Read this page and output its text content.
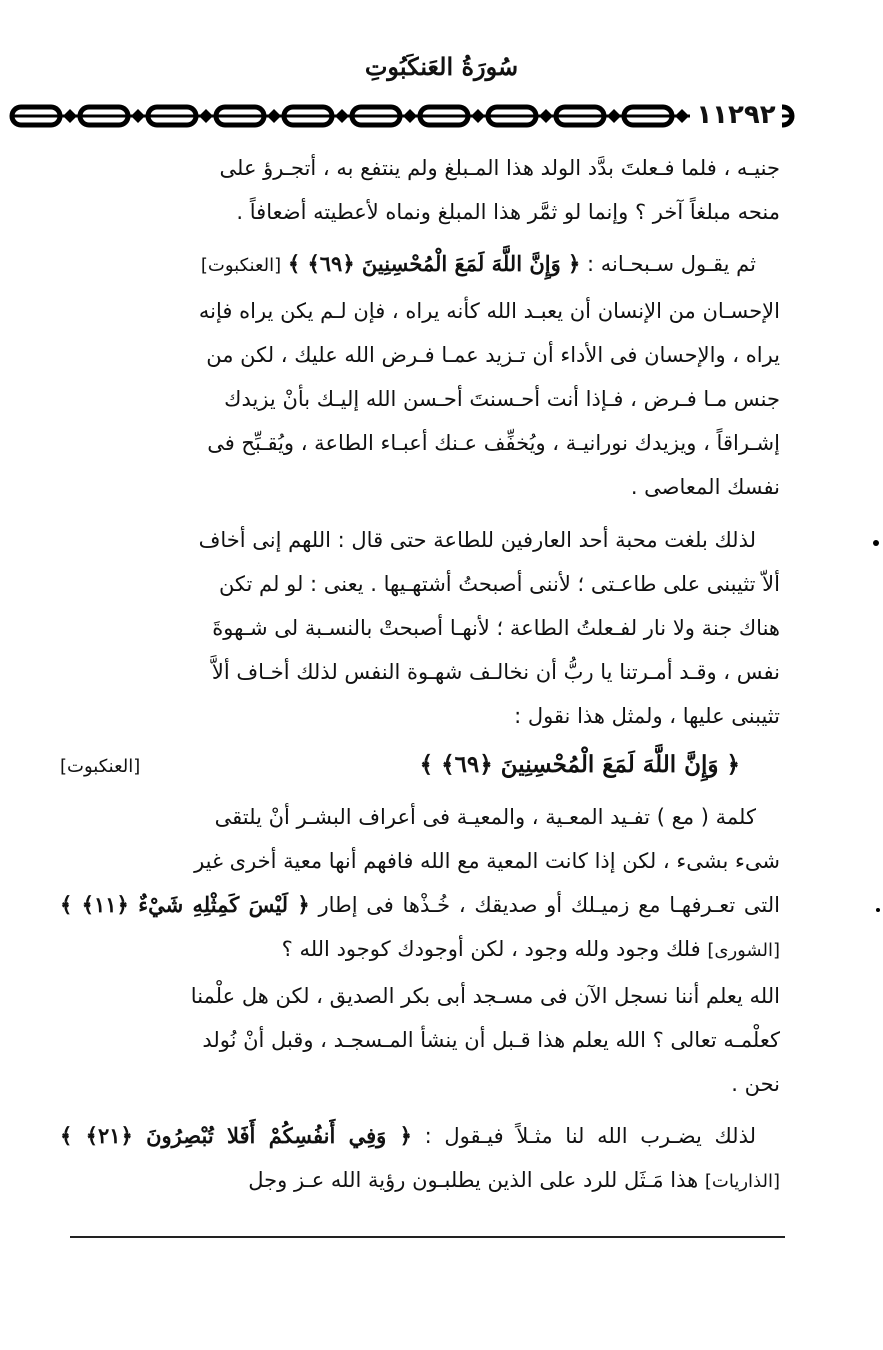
سُورَةُ العَنكَبُوتِ
١١٢٩٢

جنيـه ، فلما فـعلتَ بدَّد الولد هذا المـبلغ ولم ينتفع به ، أتجـرؤ على
منحه مبلغاً آخر ؟ وإنما لو ثمَّر هذا المبلغ ونماه لأعطيته أضعافاً .

ثم يقـول سـبحـانه : ﴿ وَإِنَّ اللَّهَ لَمَعَ الْمُحْسِنِينَ ﴿٦٩﴾ ﴾ [العنكبوت]
الإحسـان من الإنسان أن يعبـد الله كأنه يراه ، فإن لـم يكن يراه فإنه
يراه ، والإحسان فى الأداء أن تـزيد عمـا فـرض الله عليك ، لكن من
جنس مـا فـرض ، فـإذا أنت أحـسنتَ أحـسن الله إليـك بأنْ يزيدك
إشـراقاً ، ويزيدك نورانيـة ، ويُخفِّف عـنك أعبـاء الطاعة ، ويُقـبِّح فى
نفسك المعاصى .

لذلك بلغت محبة أحد العارفين للطاعة حتى قال : اللهم إنى أخاف
ألاّ تثيبنى على طاعـتى ؛ لأننى أصبحتُ أشتهـيها . يعنى : لو لم تكن
هناك جنة ولا نار لفـعلتُ الطاعة ؛ لأنهـا أصبحتْ بالنسـبة لى شـهوةَ
نفس ، وقـد أمـرتنا يا ربُّ أن نخالـف شهـوة النفس لذلك أخـاف ألاَّ
تثيبنى عليها ، ولمثل هذا نقول :

﴿ وَإِنَّ اللَّهَ لَمَعَ الْمُحْسِنِينَ ﴿٦٩﴾ ﴾
[العنكبوت]

كلمة ( مع ) تفـيد المعـية ، والمعيـة فى أعراف البشـر أنْ يلتقى
شىء بشىء ، لكن إذا كانت المعية مع الله فافهم أنها معية أخرى غير
التى تعـرفهـا مع زميـلك أو صديقك ، خُـذْها فى إطار ﴿ لَيْسَ كَمِثْلِهِ شَيْءٌ ﴿١١﴾ ﴾ [الشورى] فلك وجود ولله وجود ، لكن أوجودك كوجود الله ؟
الله يعلم أننا نسجل الآن فى مسـجد أبى بكر الصديق ، لكن هل علْمنا
كعلْمـه تعالى ؟ الله يعلم هذا قـبل أن ينشأ المـسجـد ، وقبل أنْ نُولد
نحن .

لذلك يضـرب الله لنا مثـلاً فيـقول : ﴿ وَفِي أَنفُسِكُمْ أَفَلا تُبْصِرُونَ ﴿٢١﴾ ﴾ [الذاريات] هذا مَـثَل للرد على الذين يطلبـون رؤية الله عـز وجل
